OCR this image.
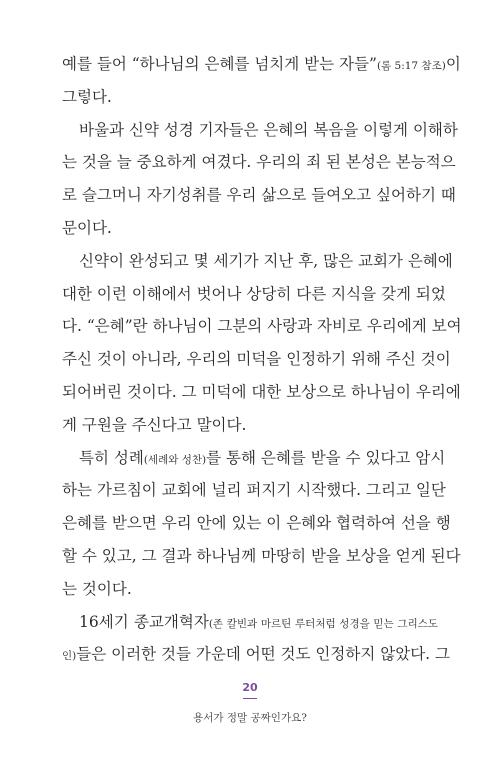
예를 들어 “하나님의 은혜를 넘치게 받는 자들”(롬 5:17 참조)이
그렇다.
바울과 신약 성경 기자들은 은혜의 복음을 이렇게 이해하
는 것을 늘 중요하게 여겼다. 우리의 죄 된 본성은 본능적으
로 슬그머니 자기성취를 우리 삶으로 들여오고 싶어하기 때
문이다.
신약이 완성되고 몇 세기가 지난 후, 많은 교회가 은혜에
대한 이런 이해에서 벗어나 상당히 다른 지식을 갖게 되었
다. “은혜”란 하나님이 그분의 사랑과 자비로 우리에게 보여
주신 것이 아니라, 우리의 미덕을 인정하기 위해 주신 것이
되어버린 것이다. 그 미덕에 대한 보상으로 하나님이 우리에
게 구원을 주신다고 말이다.
특히 성례(세례와 성찬)를 통해 은혜를 받을 수 있다고 암시
하는 가르침이 교회에 널리 퍼지기 시작했다. 그리고 일단
은혜를 받으면 우리 안에 있는 이 은혜와 협력하여 선을 행
할 수 있고, 그 결과 하나님께 마땅히 받을 보상을 얻게 된다
는 것이다.
16세기 종교개혁자(존 칼빈과 마르틴 루터처럼 성경을 믿는 그리스도
인)들은 이러한 것들 가운데 어떤 것도 인정하지 않았다. 그
20
용서가 정말 공짜인가요?
